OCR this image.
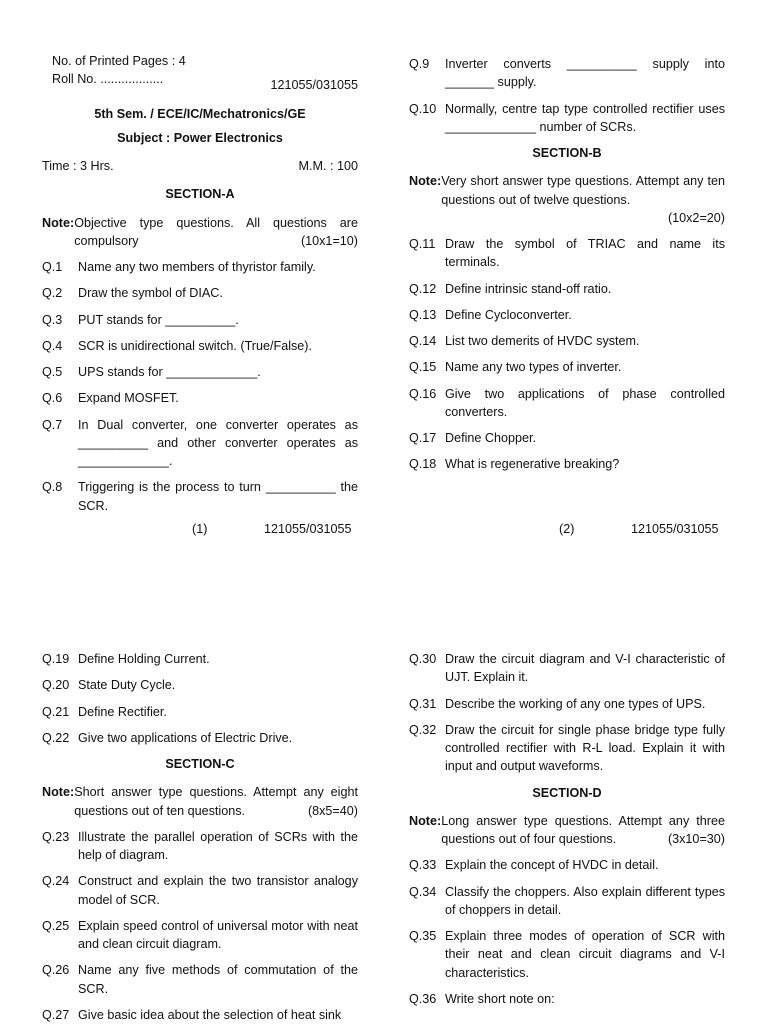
No. of Printed Pages : 4
Roll No. ..................	121055/031055
5th Sem. / ECE/IC/Mechatronics/GE
Subject : Power Electronics
Time : 3 Hrs.	M.M. : 100
SECTION-A
Note: Objective type questions. All questions are compulsory	(10x1=10)
Q.1	Name any two members of thyristor family.
Q.2	Draw the symbol of DIAC.
Q.3	PUT stands for __________.
Q.4	SCR is unidirectional switch. (True/False).
Q.5	UPS stands for _____________.
Q.6	Expand MOSFET.
Q.7	In Dual converter, one converter operates as __________ and other converter operates as _____________.
Q.8	Triggering is the process to turn __________ the SCR.
(1)	121055/031055
Q.9	Inverter converts __________ supply into _______ supply.
Q.10 Normally, centre tap type controlled rectifier uses _____________ number of SCRs.
SECTION-B
Note: Very short answer type questions. Attempt any ten questions out of twelve questions.
(10x2=20)
Q.11 Draw the symbol of TRIAC and name its terminals.
Q.12 Define intrinsic stand-off ratio.
Q.13 Define Cycloconverter.
Q.14 List two demerits of HVDC system.
Q.15 Name any two types of inverter.
Q.16 Give two applications of phase controlled converters.
Q.17 Define Chopper.
Q.18 What is regenerative breaking?
(2)	121055/031055
Q.19 Define Holding Current.
Q.20 State Duty Cycle.
Q.21 Define Rectifier.
Q.22 Give two applications of Electric Drive.
SECTION-C
Note: Short answer type questions. Attempt any eight questions out of ten questions.	(8x5=40)
Q.23 Illustrate the parallel operation of SCRs with the help of diagram.
Q.24 Construct and explain the two transistor analogy model of SCR.
Q.25 Explain speed control of universal motor with neat and clean circuit diagram.
Q.26 Name any five methods of commutation of the SCR.
Q.27 Give basic idea about the selection of heat sink
Q.30 Draw the circuit diagram and V-I characteristic of UJT. Explain it.
Q.31 Describe the working of any one types of UPS.
Q.32 Draw the circuit for single phase bridge type fully controlled rectifier with R-L load. Explain it with input and output waveforms.
SECTION-D
Note: Long answer type questions. Attempt any three questions out of four questions.	(3x10=30)
Q.33 Explain the concept of HVDC in detail.
Q.34 Classify the choppers. Also explain different types of choppers in detail.
Q.35 Explain three modes of operation of SCR with their neat and clean circuit diagrams and V-I characteristics.
Q.36 Write short note on:
